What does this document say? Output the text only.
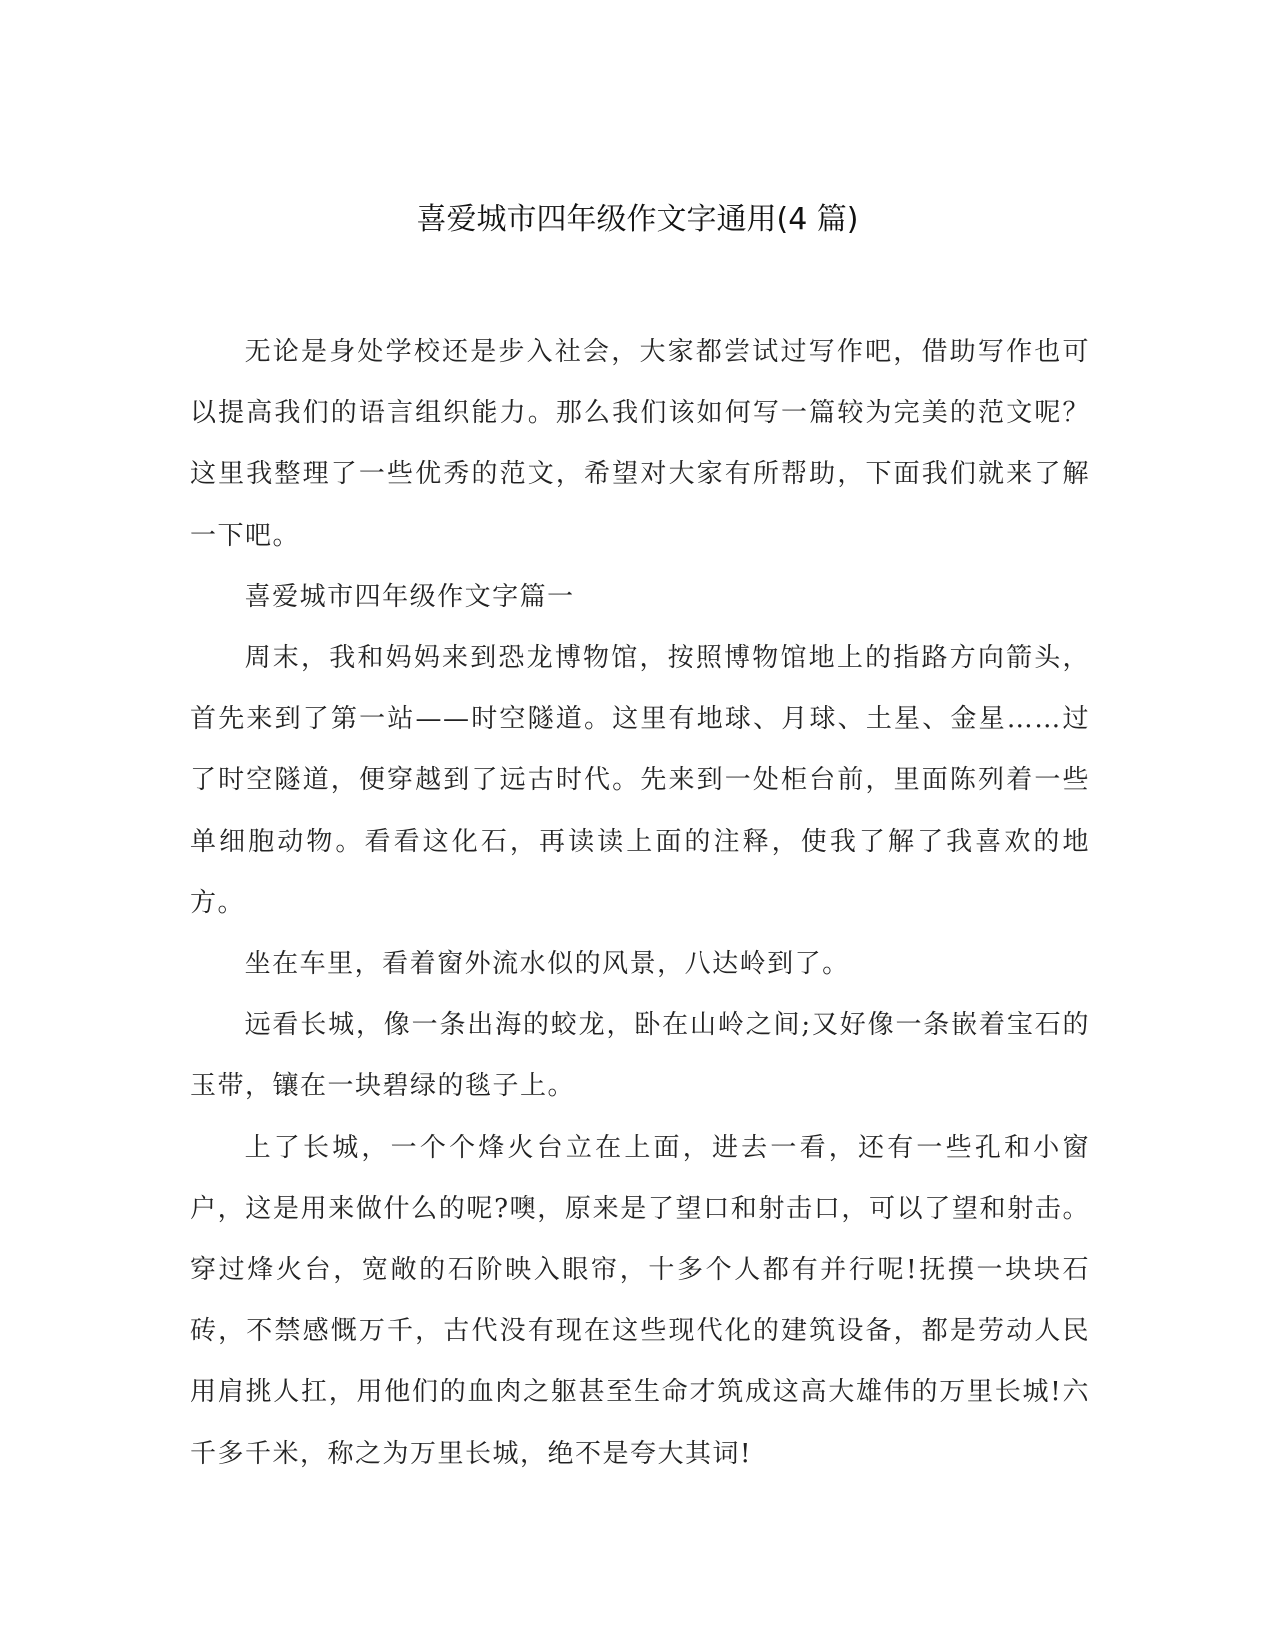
喜爱城市四年级作文字通用(4 篇)

无论是身处学校还是步入社会，大家都尝试过写作吧，借助写作也可以提高我们的语言组织能力。那么我们该如何写一篇较为完美的范文呢？这里我整理了一些优秀的范文，希望对大家有所帮助，下面我们就来了解一下吧。

喜爱城市四年级作文字篇一

周末，我和妈妈来到恐龙博物馆，按照博物馆地上的指路方向箭头，首先来到了第一站——时空隧道。这里有地球、月球、土星、金星……过了时空隧道，便穿越到了远古时代。先来到一处柜台前，里面陈列着一些单细胞动物。看看这化石，再读读上面的注释，使我了解了我喜欢的地方。

坐在车里，看着窗外流水似的风景，八达岭到了。

远看长城，像一条出海的蛟龙，卧在山岭之间;又好像一条嵌着宝石的玉带，镶在一块碧绿的毯子上。

上了长城，一个个烽火台立在上面，进去一看，还有一些孔和小窗户，这是用来做什么的呢?噢，原来是了望口和射击口，可以了望和射击。穿过烽火台，宽敞的石阶映入眼帘，十多个人都有并行呢!抚摸一块块石砖，不禁感慨万千，古代没有现在这些现代化的建筑设备，都是劳动人民用肩挑人扛，用他们的血肉之躯甚至生命才筑成这高大雄伟的万里长城!六千多千米，称之为万里长城，绝不是夸大其词!
